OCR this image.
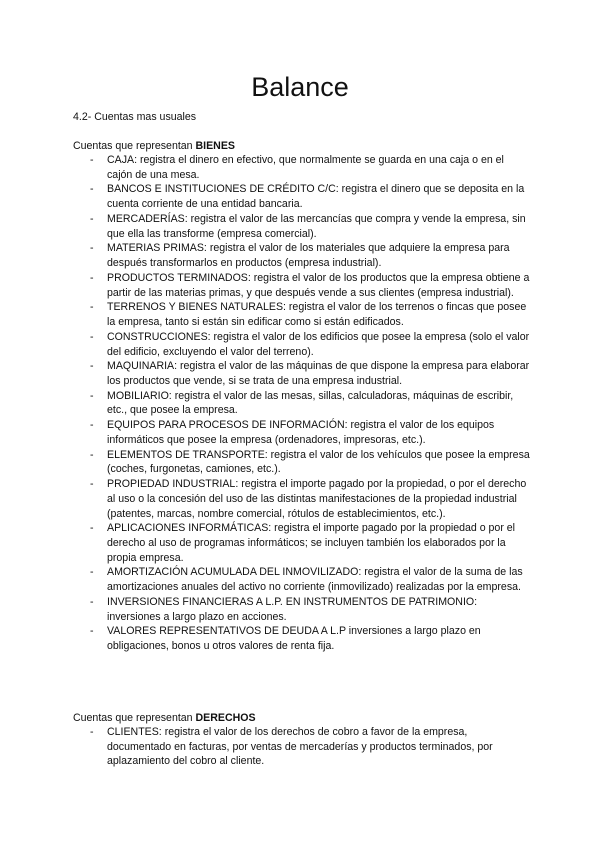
Balance

4.2- Cuentas mas usuales

Cuentas que representan BIENES

- CAJA: registra el dinero en efectivo, que normalmente se guarda en una caja o en el cajón de una mesa.
- BANCOS E INSTITUCIONES DE CRÉDITO C/C: registra el dinero que se deposita en la cuenta corriente de una entidad bancaria.
- MERCADERÍAS: registra el valor de las mercancías que compra y vende la empresa, sin que ella las transforme (empresa comercial).
- MATERIAS PRIMAS: registra el valor de los materiales que adquiere la empresa para después transformarlos en productos (empresa industrial).
- PRODUCTOS TERMINADOS: registra el valor de los productos que la empresa obtiene a partir de las materias primas, y que después vende a sus clientes (empresa industrial).
- TERRENOS Y BIENES NATURALES: registra el valor de los terrenos o fincas que posee la empresa, tanto si están sin edificar como si están edificados.
- CONSTRUCCIONES: registra el valor de los edificios que posee la empresa (solo el valor del edificio, excluyendo el valor del terreno).
- MAQUINARIA: registra el valor de las máquinas de que dispone la empresa para elaborar los productos que vende, si se trata de una empresa industrial.
- MOBILIARIO: registra el valor de las mesas, sillas, calculadoras, máquinas de escribir, etc., que posee la empresa.
- EQUIPOS PARA PROCESOS DE INFORMACIÓN: registra el valor de los equipos informáticos que posee la empresa (ordenadores, impresoras, etc.).
- ELEMENTOS DE TRANSPORTE: registra el valor de los vehículos que posee la empresa (coches, furgonetas, camiones, etc.).
- PROPIEDAD INDUSTRIAL: registra el importe pagado por la propiedad, o por el derecho al uso o la concesión del uso de las distintas manifestaciones de la propiedad industrial (patentes, marcas, nombre comercial, rótulos de establecimientos, etc.).
- APLICACIONES INFORMÁTICAS: registra el importe pagado por la propiedad o por el derecho al uso de programas informáticos; se incluyen también los elaborados por la propia empresa.
- AMORTIZACIÓN ACUMULADA DEL INMOVILIZADO: registra el valor de la suma de las amortizaciones anuales del activo no corriente (inmovilizado) realizadas por la empresa.
- INVERSIONES FINANCIERAS A L.P. EN INSTRUMENTOS DE PATRIMONIO: inversiones a largo plazo en acciones.
- VALORES REPRESENTATIVOS DE DEUDA A L.P inversiones a largo plazo en obligaciones, bonos u otros valores de renta fija.

Cuentas que representan DERECHOS

- CLIENTES: registra el valor de los derechos de cobro a favor de la empresa, documentado en facturas, por ventas de mercaderías y productos terminados, por aplazamiento del cobro al cliente.
